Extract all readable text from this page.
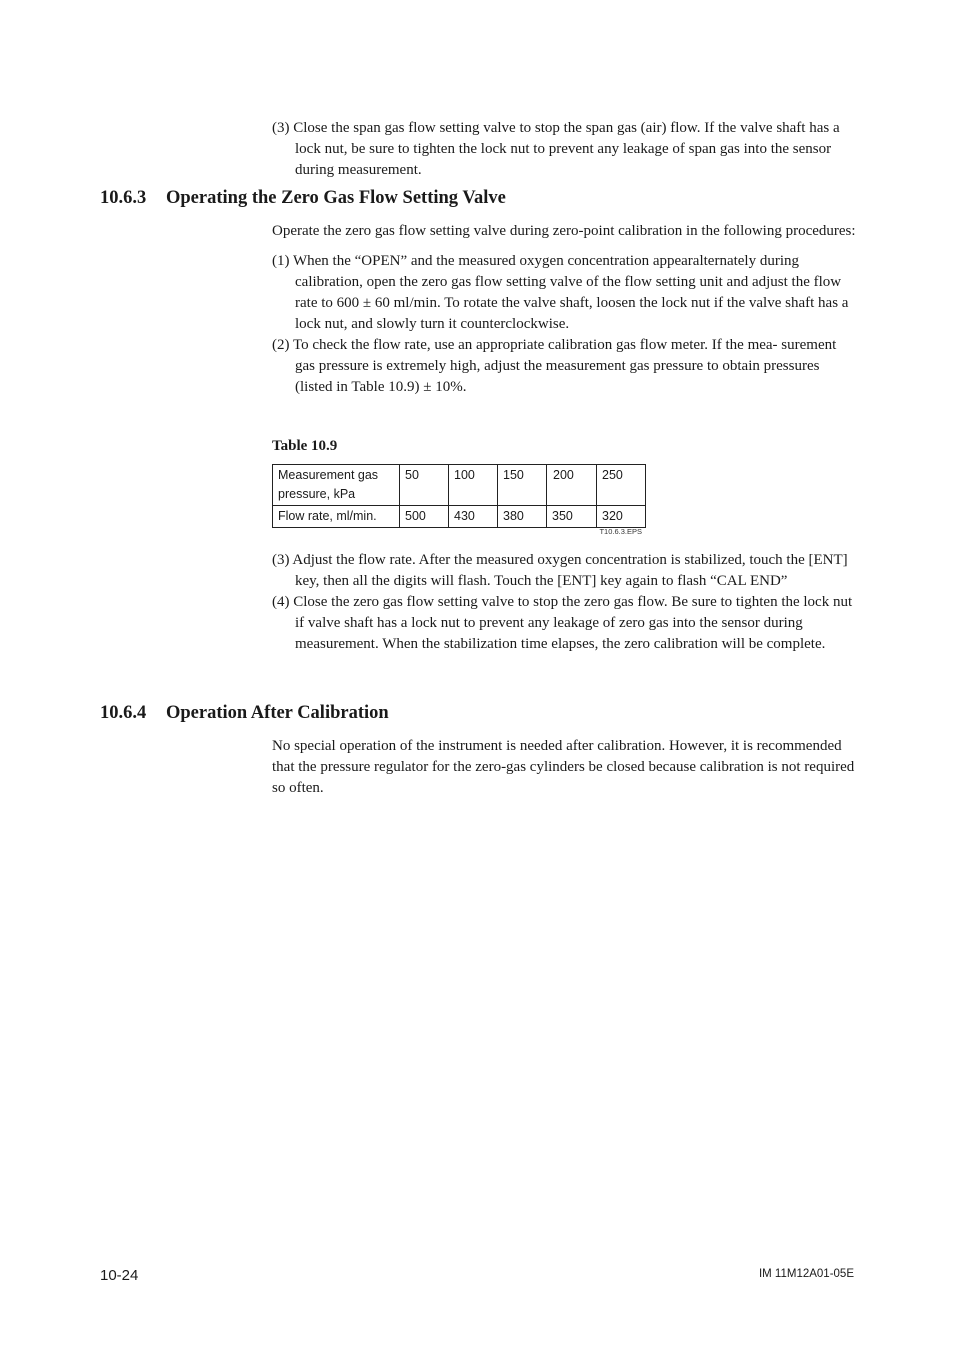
(3) Close the span gas flow setting valve to stop the span gas (air) flow. If the valve shaft has a lock nut, be sure to tighten the lock nut to prevent any leakage of span gas into the sensor during measurement.

10.6.3 Operating the Zero Gas Flow Setting Valve

Operate the zero gas flow setting valve during zero-point calibration in the following procedures:

(1) When the “OPEN” and the measured oxygen concentration appearalternately during calibration, open the zero gas flow setting valve of the flow setting unit and adjust the flow rate to 600 ± 60 ml/min. To rotate the valve shaft, loosen the lock nut if the valve shaft has a lock nut, and slowly turn it counterclockwise.

(2) To check the flow rate, use an appropriate calibration gas flow meter. If the mea- surement gas pressure is extremely high, adjust the measurement gas pressure to obtain pressures (listed in Table 10.9) ± 10%.

Table 10.9

Measurement gas pressure, kPa	50	100	150	200	250
Flow rate, ml/min.	500	430	380	350	320
T10.6.3.EPS

(3) Adjust the flow rate. After the measured oxygen concentration is stabilized, touch the [ENT] key, then all the digits will flash. Touch the [ENT] key again to flash “CAL END”

(4) Close the zero gas flow setting valve to stop the zero gas flow. Be sure to tighten the lock nut if valve shaft has a lock nut to prevent any leakage of zero gas into the sensor during measurement. When the stabilization time elapses, the zero calibration will be complete.

10.6.4 Operation After Calibration

No special operation of the instrument is needed after calibration. However, it is recommended that the pressure regulator for the zero-gas cylinders be closed because calibration is not required so often.

10-24	IM 11M12A01-05E
